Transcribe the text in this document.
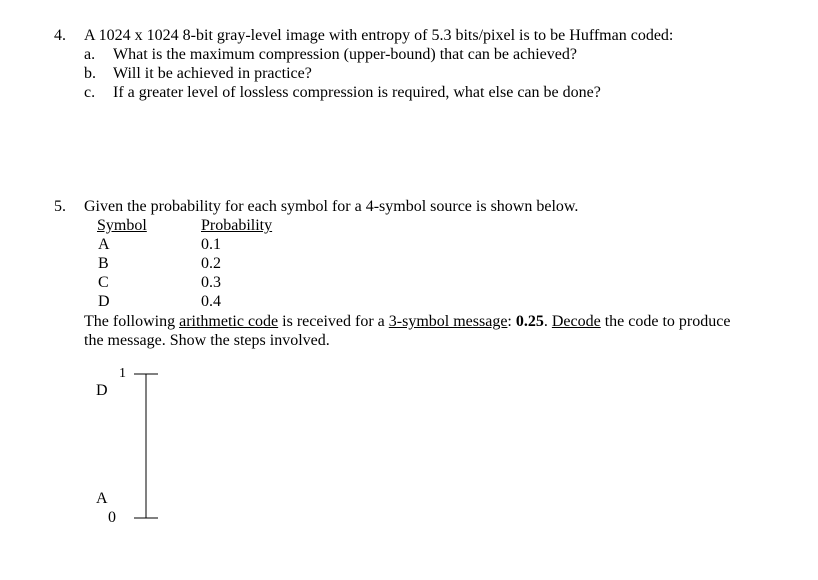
4. A 1024 x 1024 8-bit gray-level image with entropy of 5.3 bits/pixel is to be Huffman coded:
a. What is the maximum compression (upper-bound) that can be achieved?
b. Will it be achieved in practice?
c. If a greater level of lossless compression is required, what else can be done?
5. Given the probability for each symbol for a 4-symbol source is shown below.
Symbol	Probability
A	0.1
B	0.2
C	0.3
D	0.4
The following arithmetic code is received for a 3-symbol message: 0.25. Decode the code to produce
the message. Show the steps involved.
1
D
A
0
